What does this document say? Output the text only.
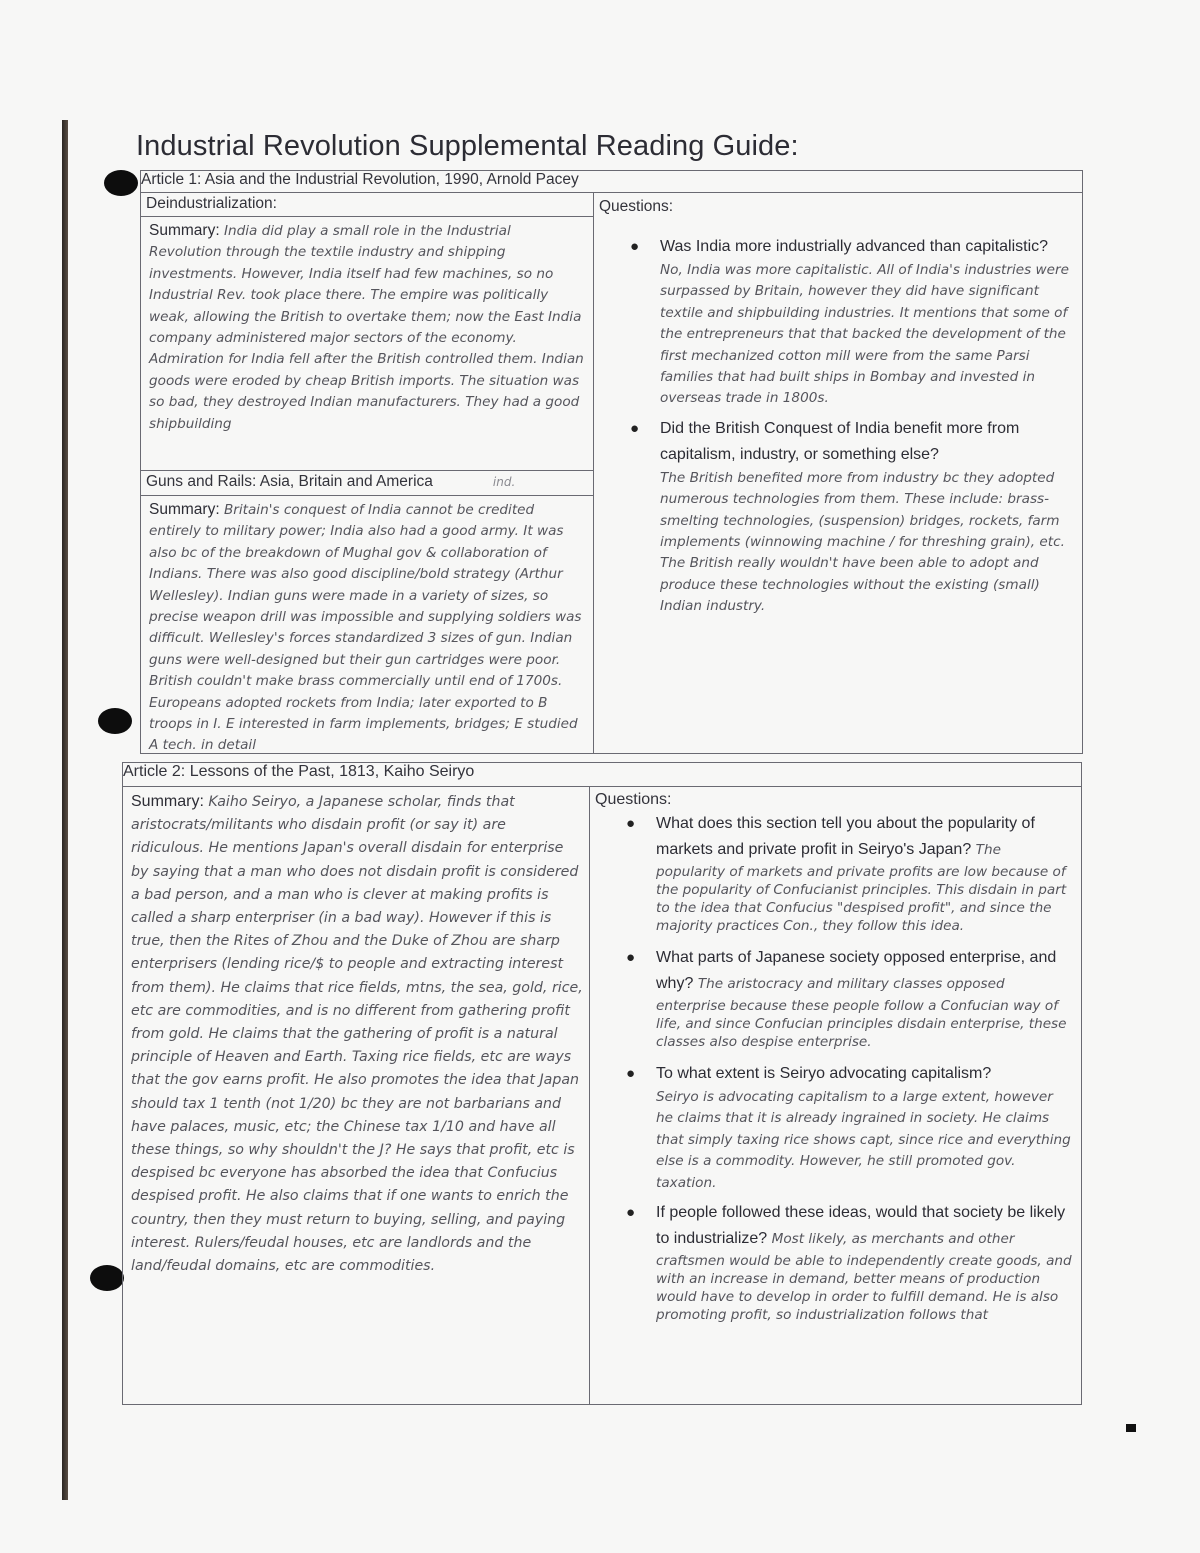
Industrial Revolution Supplemental Reading Guide:
Article 1: Asia and the Industrial Revolution, 1990, Arnold Pacey

Deindustrialization:
Summary: India did play a small role in the Industrial Revolution through the textile industry and shipping investments. However, India itself had few machines, so no Industrial Rev. took place there. The empire was politically weak, allowing the British to overtake them; now the East India company administered major sectors of the economy. Admiration for India fell after the British controlled them. Indian goods were eroded by cheap British imports. The situation was so bad, they destroyed Indian manufacturers. They had a good shipbuilding
Guns and Rails: Asia, Britain and America	ind.
Summary: Britain's conquest of India cannot be credited entirely to military power; India also had a good army. It was also bc of the breakdown of Mughal gov & collaboration of Indians. There was also good discipline/bold strategy (Arthur Wellesley). Indian guns were made in a variety of sizes, so precise weapon drill was impossible and supplying soldiers was difficult. Wellesley's forces standardized 3 sizes of gun. Indian guns were well-designed but their gun cartridges were poor. British couldn't make brass commercially until end of 1700s. Europeans adopted rockets from India; later exported to B troops in I. E interested in farm implements, bridges; E studied A tech. in detail

Questions:
● Was India more industrially advanced than capitalistic?
No, India was more capitalistic. All of India's industries were surpassed by Britain, however they did have significant textile and shipbuilding industries. It mentions that some of the entrepreneurs that that backed the development of the first mechanized cotton mill were from the same Parsi families that had built ships in Bombay and invested in overseas trade in 1800s.
● Did the British Conquest of India benefit more from capitalism, industry, or something else?
The British benefited more from industry bc they adopted numerous technologies from them. These include: brass-smelting technologies, (suspension) bridges, rockets, farm implements (winnowing machine / for threshing grain), etc. The British really wouldn't have been able to adopt and produce these technologies without the existing (small) Indian industry.
Article 2: Lessons of the Past, 1813, Kaiho Seiryo

Summary: Kaiho Seiryo, a Japanese scholar, finds that aristocrats/militants who disdain profit (or say it) are ridiculous. He mentions Japan's overall disdain for enterprise by saying that a man who does not disdain profit is considered a bad person, and a man who is clever at making profits is called a sharp enterpriser (in a bad way). However if this is true, then the Rites of Zhou and the Duke of Zhou are sharp enterprisers (lending rice/$ to people and extracting interest from them). He claims that rice fields, mtns, the sea, gold, rice, etc are commodities, and is no different from gathering profit from gold. He claims that the gathering of profit is a natural principle of Heaven and Earth. Taxing rice fields, etc are ways that the gov earns profit. He also promotes the idea that Japan should tax 1 tenth (not 1/20) bc they are not barbarians and have palaces, music, etc; the Chinese tax 1/10 and have all these things, so why shouldn't the J? He says that profit, etc is despised bc everyone has absorbed the idea that Confucius despised profit. He also claims that if one wants to enrich the country, then they must return to buying, selling, and paying interest. Rulers/feudal houses, etc are landlords and the land/feudal domains, etc are commodities.

Questions:
● What does this section tell you about the popularity of markets and private profit in Seiryo's Japan? The popularity of markets and private profits are low because of the popularity of Confucianist principles. This disdain in part to the idea that Confucius "despised profit", and since the majority practices Con., they follow this idea.
● What parts of Japanese society opposed enterprise, and why? The aristocracy and military classes opposed enterprise because these people follow a Confucian way of life, and since Confucian principles disdain enterprise, these classes also despise enterprise.
● To what extent is Seiryo advocating capitalism?
Seiryo is advocating capitalism to a large extent, however he claims that it is already ingrained in society. He claims that simply taxing rice shows capt, since rice and everything else is a commodity. However, he still promoted gov. taxation.
● If people followed these ideas, would that society be likely to industrialize? Most likely, as merchants and other craftsmen would be able to independently create goods, and with an increase in demand, better means of production would have to develop in order to fulfill demand. He is also promoting profit, so industrialization follows that
